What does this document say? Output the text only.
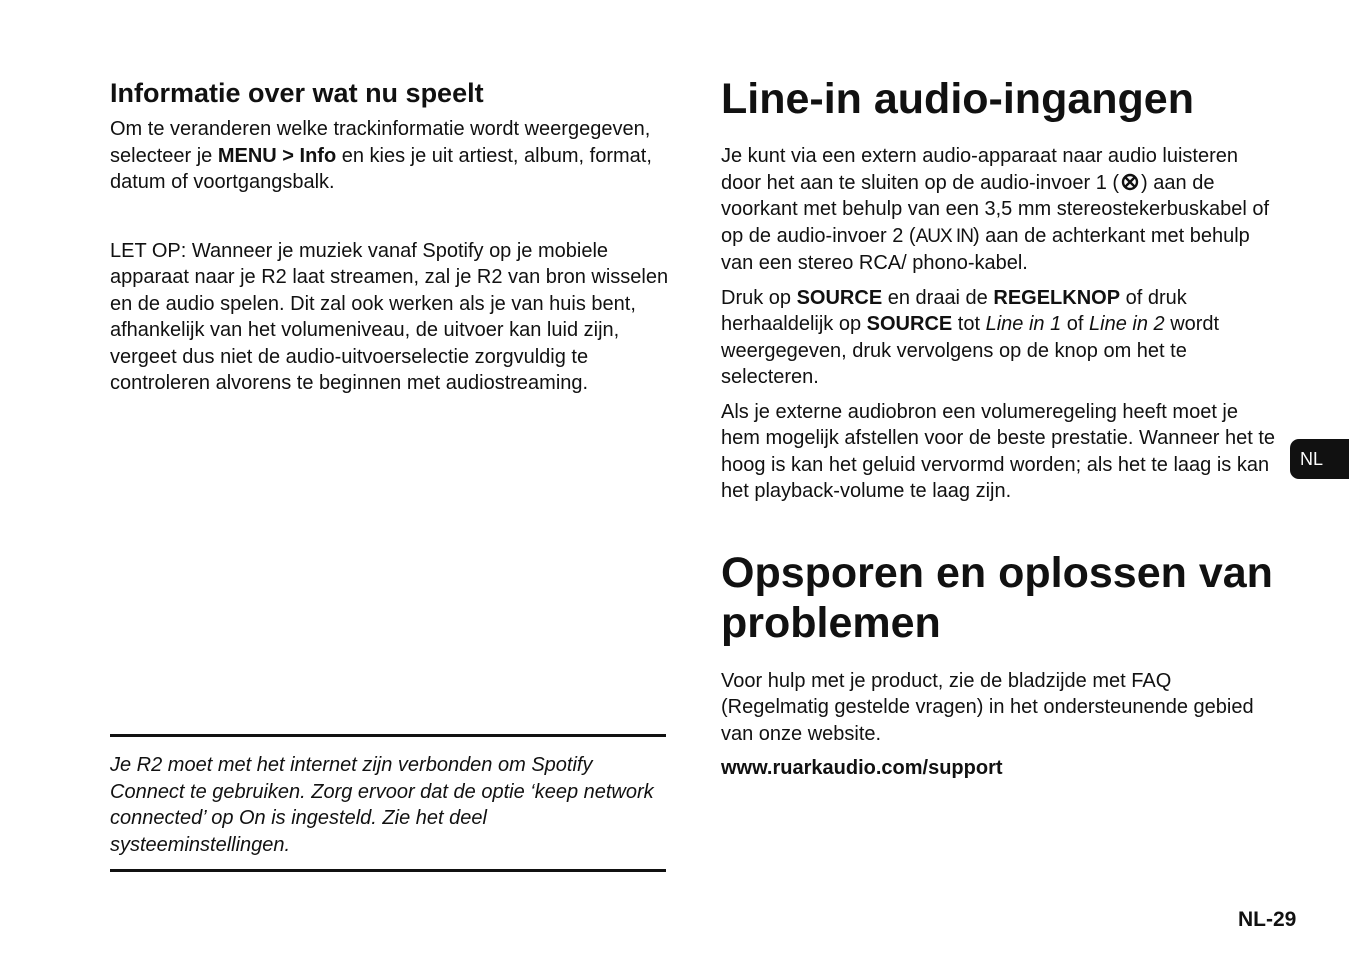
Informatie over wat nu speelt

Om te veranderen welke trackinformatie wordt weergegeven, selecteer je MENU > Info en kies je uit artiest, album, format, datum of voortgangsbalk.

LET OP: Wanneer je muziek vanaf Spotify op je mobiele apparaat naar je R2 laat streamen, zal je R2 van bron wisselen en de audio spelen. Dit zal ook werken als je van huis bent, afhankelijk van het volumeniveau, de uitvoer kan luid zijn, vergeet dus niet de audio-uitvoerselectie zorgvuldig te controleren alvorens te beginnen met audiostreaming.

Je R2 moet met het internet zijn verbonden om Spotify Connect te gebruiken. Zorg ervoor dat de optie ‘keep network connected’ op On is ingesteld. Zie het deel systeeminstellingen.

Line-in audio-ingangen

Je kunt via een extern audio-apparaat naar audio luisteren door het aan te sluiten op de audio-invoer 1 ( ) aan de voorkant met behulp van een 3,5 mm stereostekerbuskabel of op de audio-invoer 2 (AUX IN) aan de achterkant met behulp van een stereo RCA/ phono-kabel.

Druk op SOURCE en draai de REGELKNOP of druk herhaaldelijk op SOURCE tot Line in 1 of Line in 2 wordt weergegeven, druk vervolgens op de knop om het te selecteren.

Als je externe audiobron een volumeregeling heeft moet je hem mogelijk afstellen voor de beste prestatie. Wanneer het te hoog is kan het geluid vervormd worden; als het te laag is kan het playback-volume te laag zijn.

Opsporen en oplossen van problemen

Voor hulp met je product, zie de bladzijde met FAQ (Regelmatig gestelde vragen) in het ondersteunende gebied van onze website.

www.ruarkaudio.com/support

NL
NL-29
